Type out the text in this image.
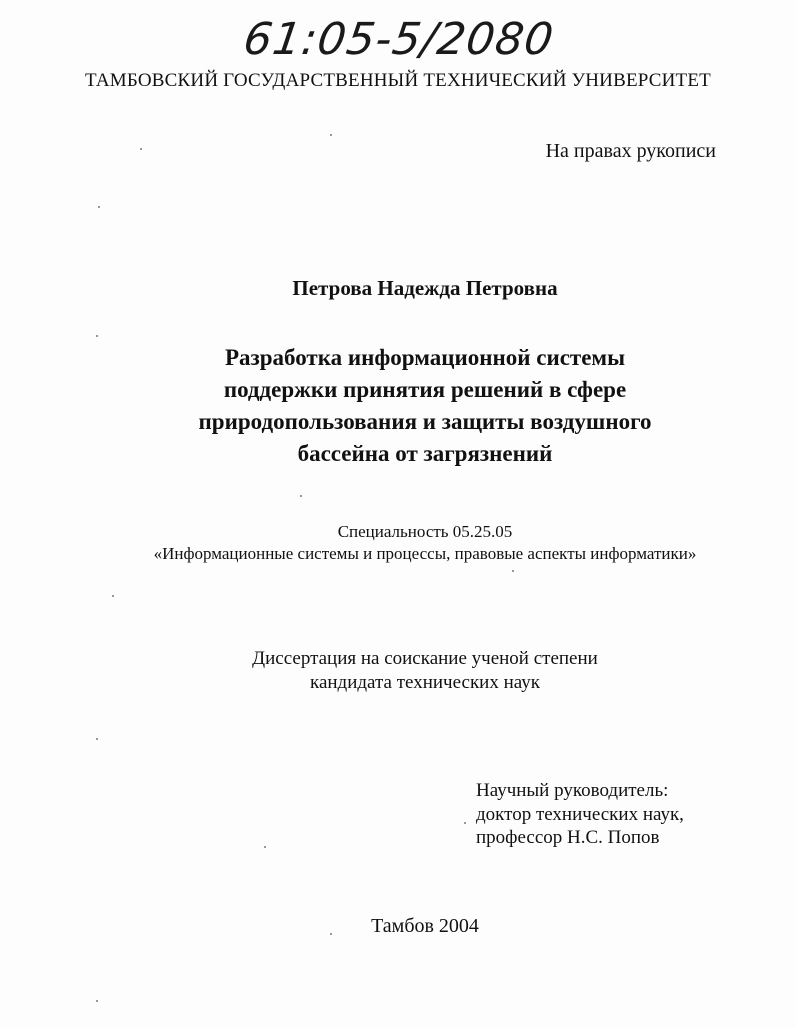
61:05-5/2080
ТАМБОВСКИЙ ГОСУДАРСТВЕННЫЙ ТЕХНИЧЕСКИЙ УНИВЕРСИТЕТ
На правах рукописи
Петрова Надежда Петровна
Разработка информационной системы
поддержки принятия решений в сфере
природопользования и защиты воздушного
бассейна от загрязнений
Специальность 05.25.05
«Информационные системы и процессы, правовые аспекты информатики»
Диссертация на соискание ученой степени
кандидата технических наук
Научный руководитель:
доктор технических наук,
профессор Н.С. Попов
Тамбов 2004
